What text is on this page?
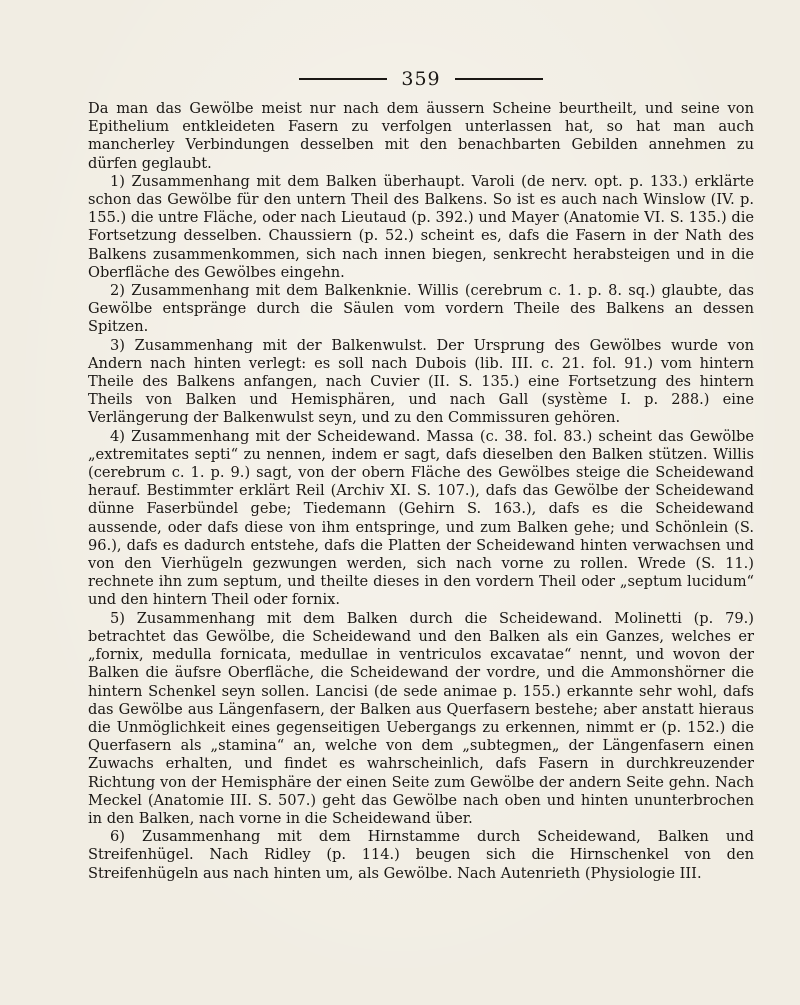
359

Da man das Gewölbe meist nur nach dem äussern Scheine beurtheilt, und seine von Epithelium entkleideten Fasern zu verfolgen unterlassen hat, so hat man auch mancherley Verbindungen desselben mit den benachbarten Gebilden annehmen zu dürfen geglaubt.

1) Zusammenhang mit dem Balken überhaupt. Varoli (de nerv. opt. p. 133.) erklärte schon das Gewölbe für den untern Theil des Balkens. So ist es auch nach Winslow (IV. p. 155.) die untre Fläche, oder nach Lieutaud (p. 392.) und Mayer (Anatomie VI. S. 135.) die Fortsetzung desselben. Chaussiern (p. 52.) scheint es, dafs die Fasern in der Nath des Balkens zusammenkommen, sich nach innen biegen, senkrecht herabsteigen und in die Oberfläche des Gewölbes eingehn.

2) Zusammenhang mit dem Balkenknie. Willis (cerebrum c. 1. p. 8. sq.) glaubte, das Gewölbe entspränge durch die Säulen vom vordern Theile des Balkens an dessen Spitzen.

3) Zusammenhang mit der Balkenwulst. Der Ursprung des Gewölbes wurde von Andern nach hinten verlegt: es soll nach Dubois (lib. III. c. 21. fol. 91.) vom hintern Theile des Balkens anfangen, nach Cuvier (II. S. 135.) eine Fortsetzung des hintern Theils von Balken und Hemisphären, und nach Gall (système I. p. 288.) eine Verlängerung der Balkenwulst seyn, und zu den Commissuren gehören.

4) Zusammenhang mit der Scheidewand. Massa (c. 38. fol. 83.) scheint das Gewölbe „extremitates septi“ zu nennen, indem er sagt, dafs dieselben den Balken stützen. Willis (cerebrum c. 1. p. 9.) sagt, von der obern Fläche des Gewölbes steige die Scheidewand herauf. Bestimmter erklärt Reil (Archiv XI. S. 107.), dafs das Gewölbe der Scheidewand dünne Faserbündel gebe; Tiedemann (Gehirn S. 163.), dafs es die Scheidewand aussende, oder dafs diese von ihm entspringe, und zum Balken gehe; und Schönlein (S. 96.), dafs es dadurch entstehe, dafs die Platten der Scheidewand hinten verwachsen und von den Vierhügeln gezwungen werden, sich nach vorne zu rollen. Wrede (S. 11.) rechnete ihn zum septum, und theilte dieses in den vordern Theil oder „septum lucidum“ und den hintern Theil oder fornix.

5) Zusammenhang mit dem Balken durch die Scheidewand. Molinetti (p. 79.) betrachtet das Gewölbe, die Scheidewand und den Balken als ein Ganzes, welches er „fornix, medulla fornicata, medullae in ventriculos excavatae“ nennt, und wovon der Balken die äufsre Oberfläche, die Scheidewand der vordre, und die Ammonshörner die hintern Schenkel seyn sollen. Lancisi (de sede animae p. 155.) erkannte sehr wohl, dafs das Gewölbe aus Längenfasern, der Balken aus Querfasern bestehe; aber anstatt hieraus die Unmöglichkeit eines gegenseitigen Uebergangs zu erkennen, nimmt er (p. 152.) die Querfasern als „stamina“ an, welche von dem „subtegmen„ der Längenfasern einen Zuwachs erhalten, und findet es wahrscheinlich, dafs Fasern in durchkreuzender Richtung von der Hemisphäre der einen Seite zum Gewölbe der andern Seite gehn. Nach Meckel (Anatomie III. S. 507.) geht das Gewölbe nach oben und hinten ununterbrochen in den Balken, nach vorne in die Scheidewand über.

6) Zusammenhang mit dem Hirnstamme durch Scheidewand, Balken und Streifenhügel. Nach Ridley (p. 114.) beugen sich die Hirnschenkel von den Streifenhügeln aus nach hinten um, als Gewölbe. Nach Autenrieth (Physiologie III.
